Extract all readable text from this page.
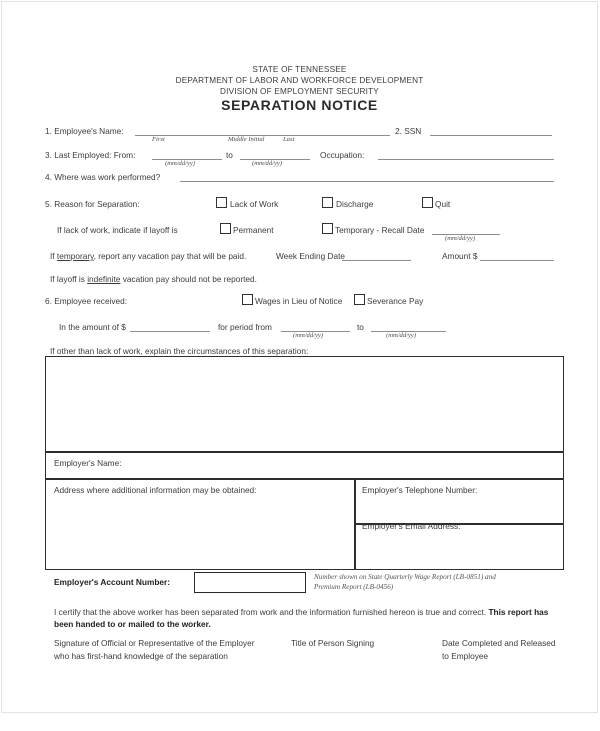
STATE OF TENNESSEE
DEPARTMENT OF LABOR AND WORKFORCE DEVELOPMENT
DIVISION OF EMPLOYMENT SECURITY
SEPARATION NOTICE
1. Employee's Name:
First	Middle Initial	Last
2. SSN
3. Last Employed: From:
(mm/dd/yy)
to
(mm/dd/yy)
Occupation:
4. Where was work performed?
5. Reason for Separation:	Lack of Work	Discharge	Quit
If lack of work, indicate if layoff is	Permanent	Temporary - Recall Date
(mm/dd/yy)
If temporary, report any vacation pay that will be paid.	Week Ending Date	Amount $
If layoff is indefinite vacation pay should not be reported.
6. Employee received:	Wages in Lieu of Notice	Severance Pay
In the amount of $	for period from
(mm/dd/yy)
to
(mm/dd/yy)
If other than lack of work, explain the circumstances of this separation:
Employer's Name:
Address where additional information may be obtained:	Employer's Telephone Number:
Employer's Email Address:
Employer's Account Number:	Number shown on State Quarterly Wage Report (LB-0851) and
Premium Report (LB-0456)
I certify that the above worker has been separated from work and the information furnished hereon is true and correct. This report has been handed to or mailed to the worker.
Signature of Official or Representative of the Employer
who has first-hand knowledge of the separation
Title of Person Signing	Date Completed and Released
to Employee
